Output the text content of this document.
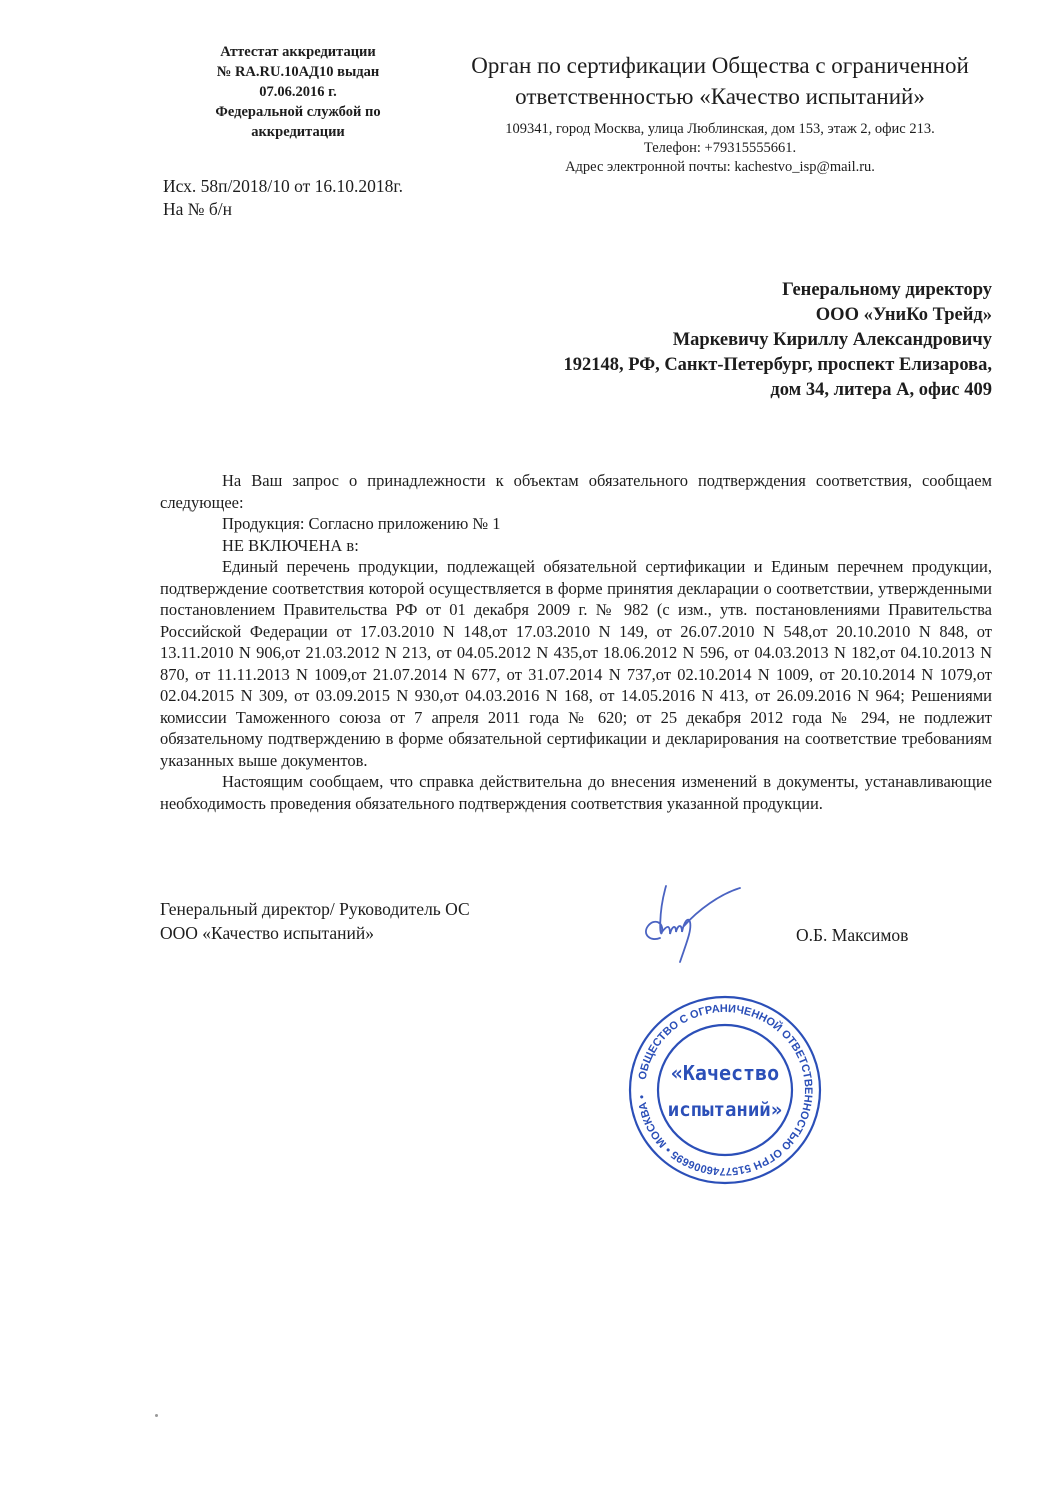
Аттестат аккредитации
№ RA.RU.10АД10 выдан
07.06.2016 г.
Федеральной службой по
аккредитации
Орган по сертификации Общества с ограниченной
ответственностью «Качество испытаний»
109341, город Москва, улица Люблинская, дом 153, этаж 2, офис 213.
Телефон: +79315555661.
Адрес электронной почты: kachestvo_isp@mail.ru.
Исх. 58п/2018/10 от 16.10.2018г.
На № б/н
Генеральному директору
ООО «УниКо Трейд»
Маркевичу Кириллу Александровичу
192148, РФ, Санкт-Петербург, проспект Елизарова,
дом 34, литера А, офис 409

На Ваш запрос о принадлежности к объектам обязательного подтверждения соответствия, сообщаем следующее:

Продукция: Согласно приложению № 1

НЕ ВКЛЮЧЕНА в:

Единый перечень продукции, подлежащей обязательной сертификации и Единым перечнем продукции, подтверждение соответствия которой осуществляется в форме принятия декларации о соответствии, утвержденными постановлением Правительства РФ от 01 декабря 2009 г. № 982 (с изм., утв. постановлениями Правительства Российской Федерации от 17.03.2010 N 148,от 17.03.2010 N 149, от 26.07.2010 N 548,от 20.10.2010 N 848, от 13.11.2010 N 906,от 21.03.2012 N 213, от 04.05.2012 N 435,от 18.06.2012 N 596, от 04.03.2013 N 182,от 04.10.2013 N 870, от 11.11.2013 N 1009,от 21.07.2014 N 677, от 31.07.2014 N 737,от 02.10.2014 N 1009, от 20.10.2014 N 1079,от 02.04.2015 N 309, от 03.09.2015 N 930,от 04.03.2016 N 168, от 14.05.2016 N 413, от 26.09.2016 N 964; Решениями комиссии Таможенного союза от 7 апреля 2011 года № 620; от 25 декабря 2012 года № 294, не подлежит обязательному подтверждению в форме обязательной сертификации и декларирования на соответствие требованиям указанных выше документов.

Настоящим сообщаем, что справка действительна до внесения изменений в документы, устанавливающие необходимость проведения обязательного подтверждения соответствия указанной продукции.

Генеральный директор/ Руководитель ОС
ООО «Качество испытаний»	О.Б. Максимов
ОБЩЕСТВО С ОГРАНИЧЕННОЙ ОТВЕТСТВЕННОСТЬЮ ОГРН 5157746006695 • МОСКВА •
«Качество
испытаний»
